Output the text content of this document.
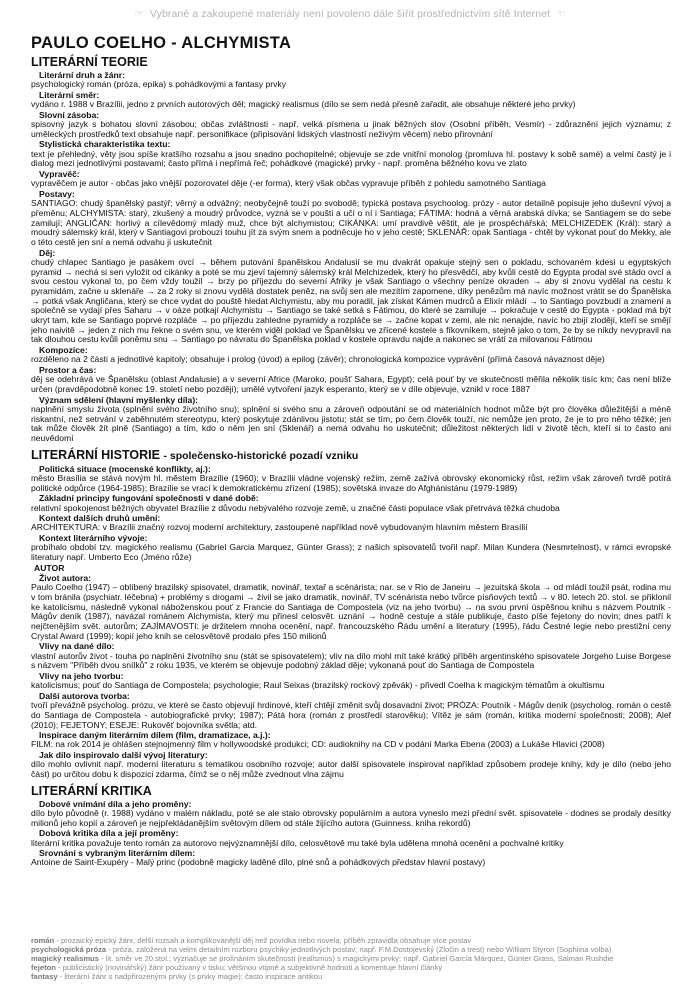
☞ Vybrané a zakoupené materiály není povoleno dále šířit prostřednictvím sítě Internet ☜
PAULO COELHO - ALCHYMISTA
LITERÁRNÍ TEORIE
Literární druh a žánr:

psychologický román (próza, epika) s pohádkovými a fantasy prvky

Literární směr:

vydáno r. 1988 v Brazílii, jedno z prvních autorových děl; magický realismus (dílo se sem nedá přesně zařadit, ale obsahuje některé jeho prvky)

Slovní zásoba:

spisovný jazyk s bohatou slovní zásobou; občas zvláštnosti - např. velká písmena u jinak běžných slov (Osobní příběh, Vesmír) - zdůraznění jejich významu; z uměleckých prostředků text obsahuje např. personifikace (připisování lidských vlastností neživým věcem) nebo přirovnání

Stylistická charakteristika textu:

text je přehledný, věty jsou spíše kratšího rozsahu a jsou snadno pochopitelné; objevuje se zde vnitřní monolog (promluva hl. postavy k sobě samé) a velmi častý je i dialog mezi jednotlivými postavami; často přímá i nepřímá řeč; pohádkové (magické) prvky - např. proměna běžného kovu ve zlato

Vypravěč:

vypravěčem je autor - občas jako vnější pozorovatel děje (-er forma), který však občas vypravuje příběh z pohledu samotného Santiaga

Postavy:

SANTIAGO: chudý španělský pastýř; věrný a odvážný; neobyčejně touží po svobodě; typická postava psychoolog. prózy - autor detailně popisuje jeho duševní vývoj a přeměnu; ALCHYMISTA: starý, zkušený a moudrý průvodce, vyzná se v poušti a učí o ní i Santiaga; FÁTIMA: hodná a věrná arabská dívka; se Santiagem se do sebe zamilují; ANGLIČAN: horlivý a cílevědomý mladý muž, chce být alchymistou; CIKÁNKA: umí pravdivě věštit, ale je prospěchářská; MELCHIZEDEK (Král): starý a moudrý sálemský král, který v Santiagovi probouzí touhu jít za svým snem a podněcuje ho v jeho cestě; SKLENÁŘ: opak Santiaga - chtěl by vykonat pouť do Mekky, ale o této cestě jen sní a nemá odvahu ji uskutečnit

Děj:

chudý chlapec Santiago je pasákem ovcí → během putování španělskou Andalusií se mu dvakrát opakuje stejný sen o pokladu, schovaném kdesi u egyptských pyramid → nechá si sen vyložit od cikánky a poté se mu zjeví tajemný sálemský král Melchizedek, který ho přesvědčí, aby kvůli cestě do Egypta prodal své stádo ovcí a svou cestou vykonal to, po čem vždy toužil → brzy po příjezdu do severní Afriky je však Santiago o všechny peníze okraden → aby si znovu vydělal na cestu k pyramidám, začne u sklenáře → za 2 roky si znovu vydělá dostatek peněz, na svůj sen ale mezitím zapomene, díky penězům má navíc možnost vrátit se do Španělska → potká však Angličana, který se chce vydat do pouště hledat Alchymistu, aby mu poradil, jak získat Kámen mudrců a Elixír mládí → to Santiago povzbudí a znamení a společně se vydají přes Saharu → v oáze potkají Alchymistu → Santiago se také setká s Fátimou, do které se zamiluje → pokračuje v cestě do Egypta - poklad má být ukryt tam, kde se Santiago poprvé rozpláče → po příjezdu zahledne pyramidy a rozpláče se → začne kopat v zemi, ale nic nenajde, navíc ho zbijí zloději, kteří se smějí jeho naivitě → jeden z nich mu řekne o svém snu, ve kterém viděl poklad ve Španělsku ve zřícené kostele s fíkovníkem, stejně jako o tom, že by se nikdy nevypravil na tak dlouhou cestu kvůli poněmu snu → Santiago po návratu do Španělska poklad v kostele opravdu najde a nakonec se vrátí za milovanou Fátimou

Kompozice:

rozděleno na 2 části a jednotlivé kapitoly; obsahuje i prolog (úvod) a epilog (závěr); chronologická kompozice vyprávění (přímá časová návaznost děje)

Prostor a čas:

děj se odehrává ve Španělsku (oblast Andalusie) a v severní Africe (Maroko, poušť Sahara, Egypt); celá pouť by ve skutečnosti měřila několik tisíc km; čas není blíže určen (pravděpodobně konec 19. století nebo později); umělé vytvoření jazyk esperanto, který se v díle objevuje, vznikl v roce 1887

Význam sdělení (hlavní myšlenky díla):

naplnění smyslu života (splnění svého životního snu); splnění si svého snu a zároveň odpoutání se od materiálních hodnot může být pro člověka důležitější a méně riskantní, než setrvání v zaběhnutém stereotypu, který poskytuje zdánlivou jistotu; stát se tím, po čem člověk touží, nic nemůže jen proto, že je to pro něho těžké; jen tak může člověk žít plně (Santiago) a tím, kdo o něm jen sní (Sklenář) a nemá odvahu ho uskutečnit; důležitost některých lidí v životě těch, kteří si to často ani neuvědomí

LITERÁRNÍ HISTORIE - společensko-historické pozadí vzniku
Politická situace (mocenské konflikty, aj.):

město Brasília se stává novým hl. městem Brazílie (1960); v Brazílii vládne vojenský režim, země zažívá obrovský ekonomický růst, režim však zároveň tvrdě potírá politické odpůrce (1964-1985); Brazílie se vrací k demokratickému zřízení (1985); sovětská invaze do Afghánistánu (1979-1989)

Základní principy fungování společnosti v dané době:

relativní spokojenost běžných obyvatel Brazílie z důvodu nebývalého rozvoje země, u značné části populace však přetrvává těžká chudoba

Kontext dalších druhů umění:

ARCHITEKTURA: v Brazílii značný rozvoj moderní architektury, zastoupené například nově vybudovaným hlavním městem Brasílií

Kontext literárního vývoje:

probíhalo období tzv. magického realismu (Gabriel Garcia Marquez, Günter Grass); z našich spisovatelů tvořil např. Milan Kundera (Nesmrtelnost), v rámci evropské literatury např. Umberto Eco (Jméno růže)

AUTOR
Život autora:

Paulo Coelho (1947) – oblíbený brazilský spisovatel, dramatik, novinář, textař a scénárista; nar. se v Rio de Janeiru → jezuitská škola → od mládí toužil psát, rodina mu v tom bránila (psychiatr. léčebna) + problémy s drogami → živil se jako dramatik, novinář, TV scénárista nebo tvůrce písňových textů → v 80. letech 20. stol. se přiklonil ke katolicismu, následně vykonal náboženskou pouť z Francie do Santiaga de Compostela (viz na jeho tvorbu) → na svou první úspěšnou knihu s názvem Poutník - Mágův deník (1987), navázal románem Alchymista, který mu přinesl celosvět. uznání → hodně cestuje a stále publikuje, často píše fejetony do novin; dnes patří k nejčtenějším svět. autorům; ZAJÍMAVOSTI: je držitelem mnoha ocenění, např. francouzského Řádu umění a literatury (1995), řádu Čestné legie nebo prestižní ceny Crystal Award (1999); kopií jeho knih se celosvětově prodalo přes 150 milionů

Vlivy na dané dílo:

vlastní autorův život - touha po naplnění životního snu (stát se spisovatelem); vliv na dílo mohl mít také krátký příběh argentinského spisovatele Jorgeho Luise Borgese s názvem "Příběh dvou snílků" z roku 1935, ve kterém se objevuje podobný základ děje; vykonaná pouť do Santiaga de Compostela

Vlivy na jeho tvorbu:

katolicismus; pouť do Santiaga de Compostela; psychologie; Raul Seixas (brazilský rockový zpěvák) - přivedl Coelha k magickým tématům a okultismu

Další autorova tvorba:

tvoří převážně psycholog. prózu, ve které se často objevují hrdinové, kteří chtějí změnit svůj dosavadní život; PRÓZA: Poutník - Mágův deník (psycholog. román o cestě do Santiaga de Compostela - autobiografické prvky; 1987); Pátá hora (román z prostředí starověku); Vítěz je sám (román, kritika moderní společnosti; 2008); Alef (2010); FEJETONY; ESEJE: Rukověť bojovníka světla; atd.

Inspirace daným literárním dílem (film, dramatizace, a.j.):

FILM: na rok 2014 je ohlášen stejnojmenný film v hollywoodské produkci; CD: audioknihy na CD v podání Marka Ebena (2003) a Lukáše Hlavici (2008)

Jak dílo inspirovalo další vývoj literatury:

dílo mohlo ovlivnit např. moderní literaturu s tematikou osobního rozvoje; autor další spisovatele inspiroval například způsobem prodeje knihy, kdy je dílo (nebo jeho část) po určitou dobu k dispozici zdarma, čímž se o něj může zvednout vlna zájmu

LITERÁRNÍ KRITIKA
Dobové vnímání díla a jeho proměny:

dílo bylo původně (r. 1988) vydáno v malém nákladu, poté se ale stalo obrovsky populárním a autora vyneslo mezi přední svět. spisovatele - dodnes se prodaly desítky milionů jeho kopií a zároveň je nejpřekládanějším světovým dílem od stále žijícího autora (Guinness. kniha rekordů)

Dobová kritika díla a její proměny:

literární kritika považuje tento román za autorovo nejvýznamnější dílo, celosvětově mu také byla udělena mnohá ocenění a pochvalné kritiky

Srovnání s vybraným literárním dílem:

Antoine de Saint-Exupéry - Malý princ (podobně magicky laděné dílo, plné snů a pohádkových představ hlavní postavy)

román - prozaický epický žánr, delší rozsah a komplikovanější děj než povídka nebo novela; příběh zpravidla obsahuje více postav
psychologická próza - próza, založená na velmi detailním rozboru psychiky jednotlivých postav; např. F.M.Dostojevský (Zločin a trest) nebo William Styron (Sophiina volba)
magický realismus - lit. směr ve 20.stol.; vyznačuje se prolínáním skutečnosti (realismus) s magickými prvky; např. Gabriel García Márquez, Günter Grass, Salman Rushdie
fejeton - publicistický (novinářský) žánr používaný v tisku; většinou vtipně a subjektivně hodnotí a komentuje hlavní články
fantasy - literární žánr s nadpřirozenými prvky (s prvky magie); často inspirace antikou
